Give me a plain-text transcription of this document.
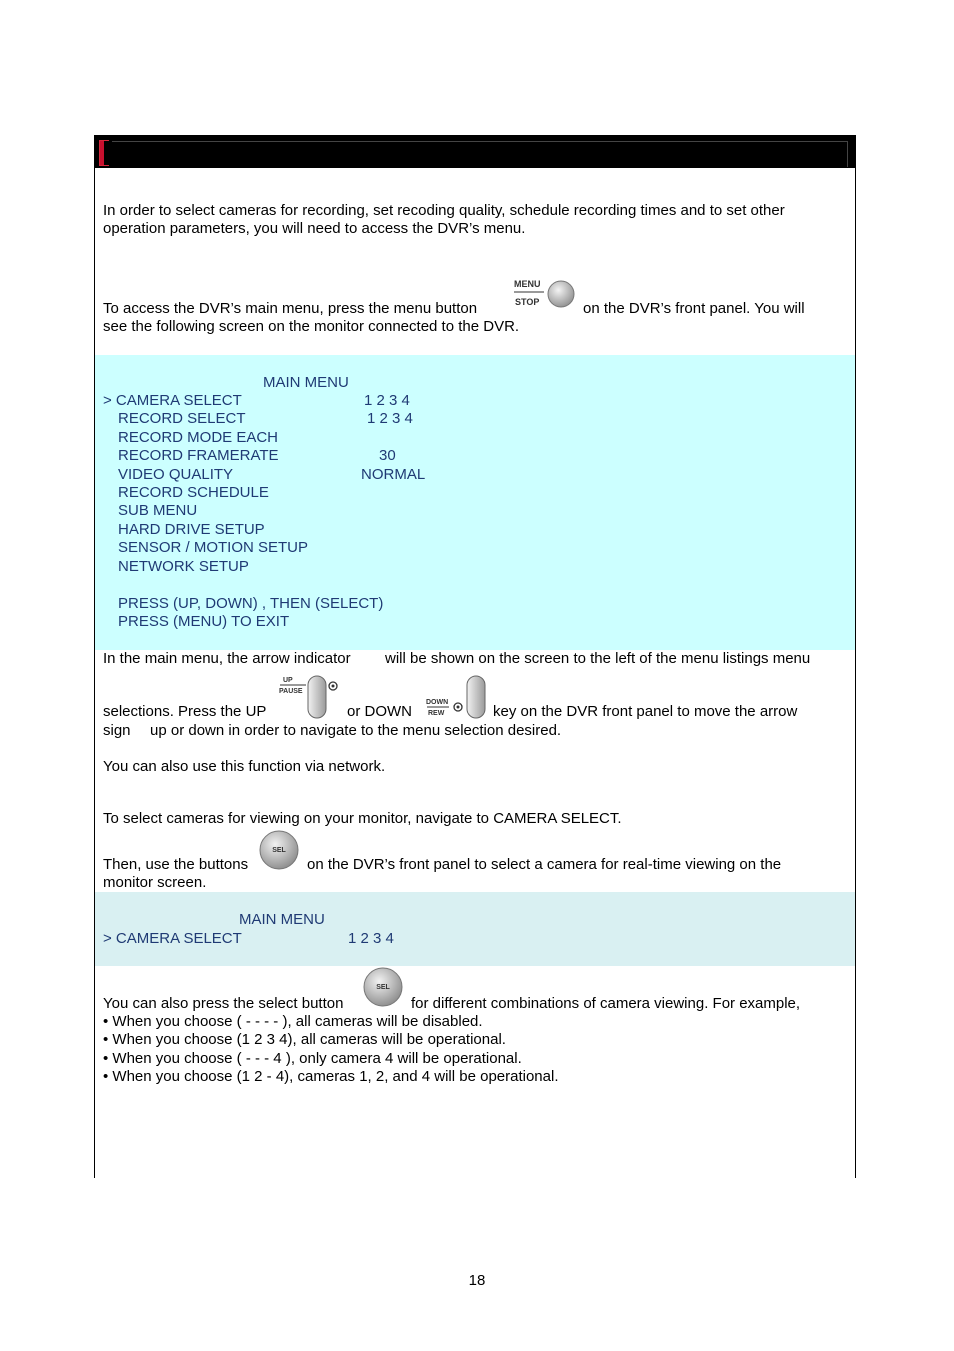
In order to select cameras for recording, set recoding quality, schedule recording times and to set other
operation parameters, you will need to access the DVR’s menu.
To access the DVR’s main menu, press the menu button
MENU
STOP	on the DVR’s front panel. You will
see the following screen on the monitor connected to the DVR.
MAIN MENU
> CAMERA SELECT	1 2 3 4
RECORD SELECT	1 2 3 4
RECORD MODE EACH
RECORD FRAMERATE	30
VIDEO QUALITY	NORMAL
RECORD SCHEDULE
SUB MENU
HARD DRIVE SETUP
SENSOR / MOTION SETUP
NETWORK SETUP
PRESS (UP, DOWN) , THEN (SELECT)
PRESS (MENU) TO EXIT
In the main menu, the arrow indicator will be shown on the screen to the left of the menu listings menu
selections. Press the UP
UP
PAUSE
or DOWN
DOWN
REW	key on the DVR front panel to move the arrow
sign up or down in order to navigate to the menu selection desired.
You can also use this function via network.
To select cameras for viewing on your monitor, navigate to CAMERA SELECT.
Then, use the buttons
SEL
on the DVR’s front panel to select a camera for real-time viewing on the
monitor screen.
MAIN MENU
> CAMERA SELECT	1 2 3 4
You can also press the select button
SEL
for different combinations of camera viewing. For example,
• When you choose ( - - - - ), all cameras will be disabled.
• When you choose (1 2 3 4), all cameras will be operational.
• When you choose ( - - - 4 ), only camera 4 will be operational.
• When you choose (1 2 - 4), cameras 1, 2, and 4 will be operational.
18
